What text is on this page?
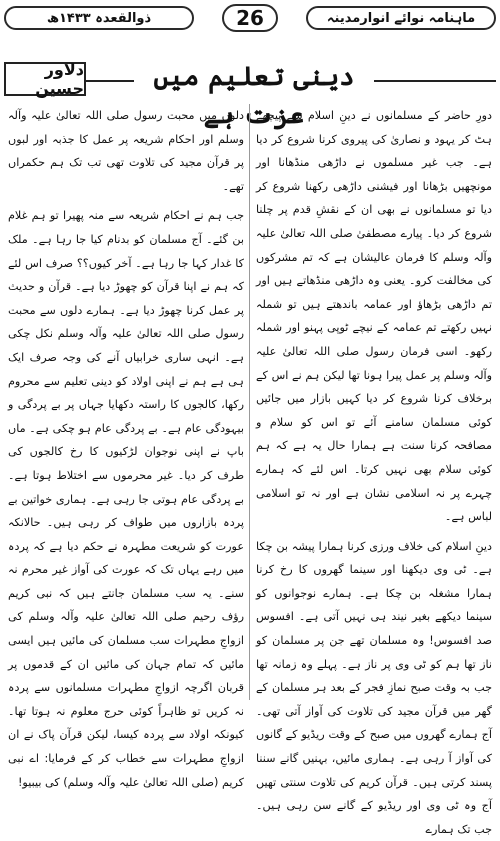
ذوالقعدہ ۱۴۳۳ھ	26	ماہنامہ نوائے انوارمدینہ
دینی تعلیم میں عزت ہے
دلاور حسین

دورِ حاضر کے مسلمانوں نے دینِ اسلام سے پیچھے ہٹ کر یہود و نصاریٰ کی پیروی کرنا شروع کر دیا ہے۔ جب غیر مسلموں نے داڑھی منڈھانا اور مونچھیں بڑھانا اور فیشنی داڑھی رکھنا شروع کر دیا تو مسلمانوں نے بھی ان کے نقشِ قدم پر چلنا شروع کر دیا۔ پیارے مصطفیٰ صلی اللہ تعالیٰ علیہ وآلہ وسلم کا فرمان عالیشان ہے کہ تم مشرکوں کی مخالفت کرو۔ یعنی وہ داڑھی منڈھاتے ہیں اور تم داڑھی بڑھاؤ اور عمامہ باندھتے ہیں تو شملہ نہیں رکھتے تم عمامہ کے نیچے ٹوپی پہنو اور شملہ رکھو۔ اسی فرمان رسول صلی اللہ تعالیٰ علیہ وآلہ وسلم پر عمل پیرا ہونا تھا لیکن ہم نے اس کے برخلاف کرنا شروع کر دیا کہیں بازار میں جائیں کوئی مسلمان سامنے آئے تو اس کو سلام و مصافحہ کرنا سنت ہے ہمارا حال یہ ہے کہ ہم کوئی سلام بھی نہیں کرتا۔ اس لئے کہ ہمارے چہرے پر نہ اسلامی نشان ہے اور نہ تو اسلامی لباس ہے۔

دینِ اسلام کی خلاف ورزی کرنا ہمارا پیشہ بن چکا ہے۔ ٹی وی دیکھنا اور سینما گھروں کا رخ کرنا ہمارا مشغلہ بن چکا ہے۔ ہمارے نوجوانوں کو سینما دیکھے بغیر نیند ہی نہیں آتی ہے۔ افسوس صد افسوس! وہ مسلمان تھے جن پر مسلمان کو ناز تھا ہم کو ٹی وی پر ناز ہے۔ پہلے وہ زمانہ تھا جب بہ وقت صبح نمازِ فجر کے بعد ہر مسلمان کے گھر میں قرآن مجید کی تلاوت کی آواز آتی تھی۔ آج ہمارے گھروں میں صبح کے وقت ریڈیو کے گانوں کی آواز آ رہی ہے۔ ہماری مائیں، بہنیں گانے سننا پسند کرتی ہیں۔ قرآن کریم کی تلاوت سنتی تھیں آج وہ ٹی وی اور ریڈیو کے گانے سن رہی ہیں۔ جب تک ہمارے

دلوں میں محبت رسول صلی اللہ تعالیٰ علیہ وآلہ وسلم اور احکام شریعہ پر عمل کا جذبہ اور لبوں پر قرآن مجید کی تلاوت تھی تب تک ہم حکمراں تھے۔

جب ہم نے احکام شریعہ سے منہ پھیرا تو ہم غلام بن گئے۔ آج مسلمان کو بدنام کیا جا رہا ہے۔ ملک کا غدار کہا جا رہا ہے۔ آخر کیوں؟؟ صرف اس لئے کہ ہم نے اپنا قرآن کو چھوڑ دیا ہے۔ قرآن و حدیث پر عمل کرنا چھوڑ دیا ہے۔ ہمارے دلوں سے محبت رسول صلی اللہ تعالیٰ علیہ وآلہ وسلم نکل چکی ہے۔ انہی ساری خرابیاں آنے کی وجہ صرف ایک ہی ہے ہم نے اپنی اولاد کو دینی تعلیم سے محروم رکھا، کالجوں کا راستہ دکھایا جہاں پر بے پردگی و بیہودگی عام ہے۔ بے پردگی عام ہو چکی ہے۔ ماں باپ نے اپنی نوجوان لڑکیوں کا رخ کالجوں کی طرف کر دیا۔ غیر محرموں سے اختلاط ہوتا ہے۔ بے پردگی عام ہوتی جا رہی ہے۔ ہماری خواتین بے پردہ بازاروں میں طواف کر رہی ہیں۔ حالانکہ عورت کو شریعت مطہرہ نے حکم دیا ہے کہ پردہ میں رہے یہاں تک کہ عورت کی آواز غیر محرم نہ سنے۔ یہ سب مسلمان جانتے ہیں کہ نبی کریم رؤف رحیم صلی اللہ تعالیٰ علیہ وآلہ وسلم کی ازواجِ مطہرات سب مسلمان کی مائیں ہیں ایسی مائیں کہ تمام جہان کی مائیں ان کے قدموں پر قربان اگرچہ ازواجِ مطہرات مسلمانوں سے پردہ نہ کریں تو ظاہراً کوئی حرج معلوم نہ ہوتا تھا۔ کیونکہ اولاد سے پردہ کیسا، لیکن قرآن پاک نے ان ازواجِ مطہرات سے خطاب کر کے فرمایا: اے نبی کریم (صلی اللہ تعالیٰ علیہ وآلہ وسلم) کی بیبیو!
